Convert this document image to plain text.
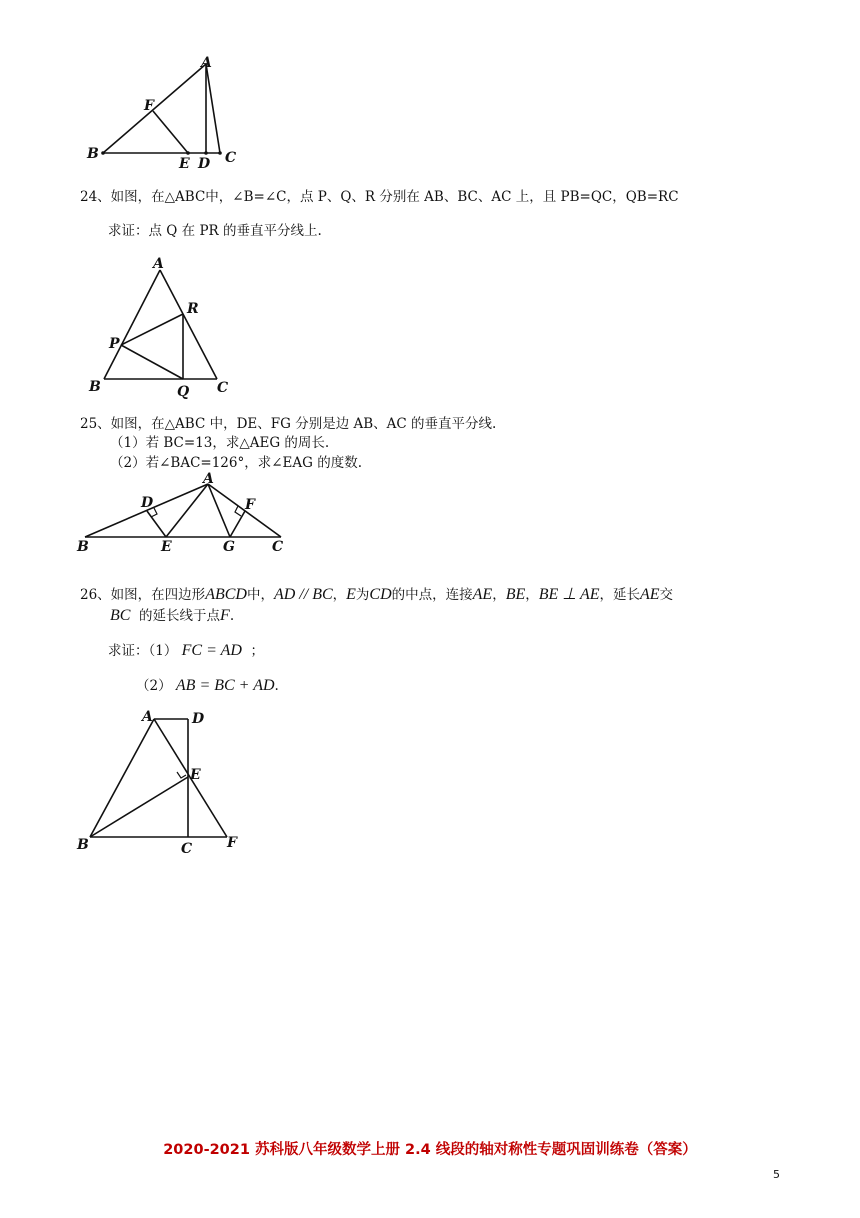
A
B	C
D
E
F
24、如图，在△ABC中，∠B=∠C，点 P、Q、R 分别在 AB、BC、AC 上，且 PB=QC，QB=RC
求证：点 Q 在 PR 的垂直平分线上.
A
B	C
P
Q
R
25、如图，在△ABC 中，DE、FG 分别是边 AB、AC 的垂直平分线.
（1）若 BC=13，求△AEG 的周长.
（2）若∠BAC=126°，求∠EAG 的度数.
A
B	C
D
E
F
G
26、如图，在四边形ABCD中，AD // BC，E为CD的中点，连接AE，BE，BE ⊥ AE，延长AE交
BC 的延长线于点F.
求证：（1） FC = AD ；
（2） AB = BC + AD.
A
B	C
D
E
F
2020-2021 苏科版八年级数学上册 2.4 线段的轴对称性专题巩固训练卷（答案）
5
